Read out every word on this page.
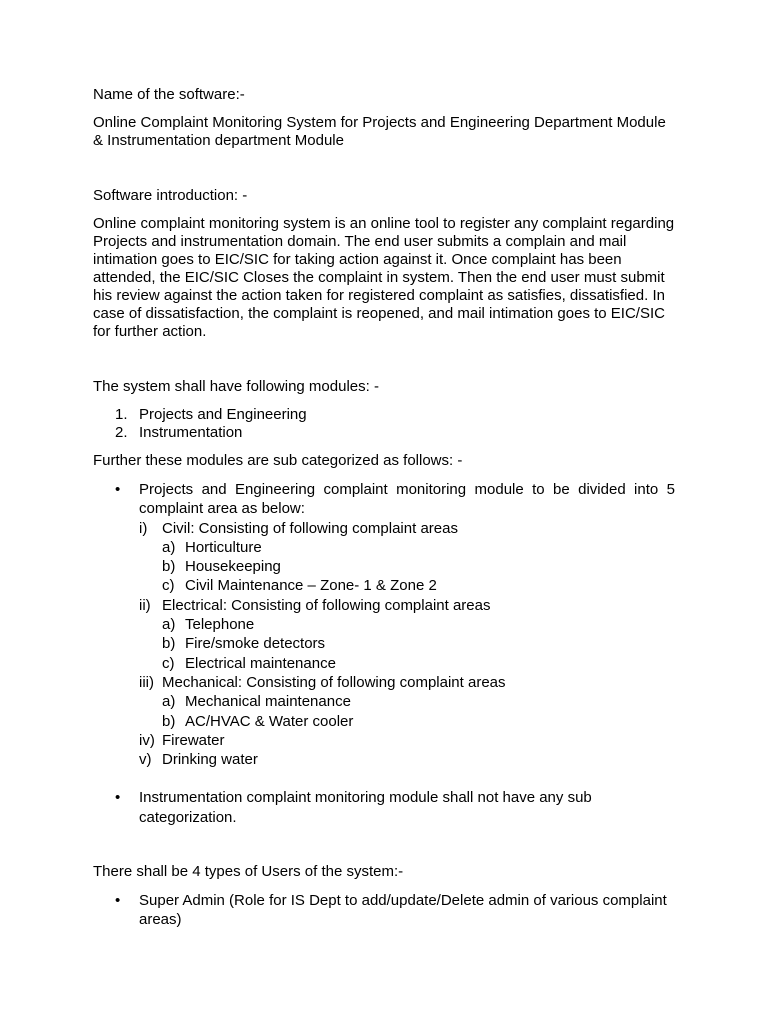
Name of the software:-

Online Complaint Monitoring System for Projects and Engineering Department Module & Instrumentation department Module

Software introduction: -

Online complaint monitoring system is an online tool to register any complaint regarding Projects and instrumentation domain. The end user submits a complain and mail intimation goes to EIC/SIC for taking action against it. Once complaint has been attended, the EIC/SIC Closes the complaint in system. Then the end user must submit his review against the action taken for registered complaint as satisfies, dissatisfied. In case of dissatisfaction, the complaint is reopened, and mail intimation goes to EIC/SIC for further action.

The system shall have following modules: -

1. Projects and Engineering
2. Instrumentation

Further these modules are sub categorized as follows: -

•	Projects and Engineering complaint monitoring module to be divided into 5 complaint area as below:

i) Civil: Consisting of following complaint areas
a) Horticulture
b) Housekeeping
c) Civil Maintenance – Zone- 1 & Zone 2
ii) Electrical: Consisting of following complaint areas
a) Telephone
b) Fire/smoke detectors
c) Electrical maintenance
iii) Mechanical: Consisting of following complaint areas
a) Mechanical maintenance
b) AC/HVAC & Water cooler
iv) Firewater
v) Drinking water
•	Instrumentation complaint monitoring module shall not have any sub categorization.

There shall be 4 types of Users of the system:-

•	Super Admin (Role for IS Dept to add/update/Delete admin of various complaint areas)
